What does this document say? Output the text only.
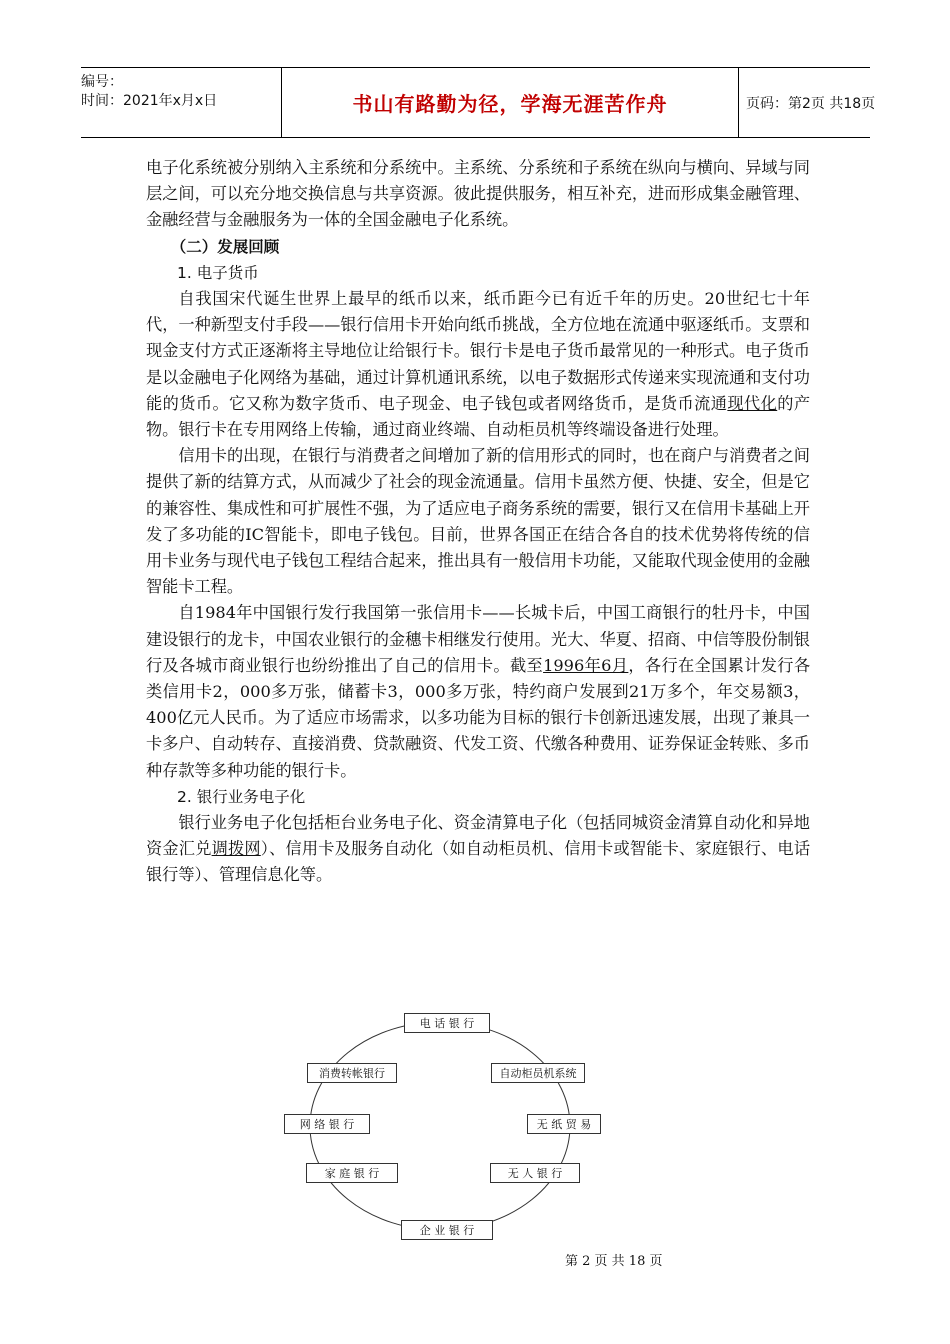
编号：
时间：2021年x月x日	书山有路勤为径，学海无涯苦作舟	页码：第2页 共18页

电子化系统被分别纳入主系统和分系统中。主系统、分系统和子系统在纵向与横向、异域与同层之间，可以充分地交换信息与共享资源。彼此提供服务，相互补充，进而形成集金融管理、金融经营与金融服务为一体的全国金融电子化系统。

（二）发展回顾

1. 电子货币

自我国宋代诞生世界上最早的纸币以来，纸币距今已有近千年的历史。20世纪七十年代，一种新型支付手段——银行信用卡开始向纸币挑战，全方位地在流通中驱逐纸币。支票和现金支付方式正逐渐将主导地位让给银行卡。银行卡是电子货币最常见的一种形式。电子货币是以金融电子化网络为基础，通过计算机通讯系统，以电子数据形式传递来实现流通和支付功能的货币。它又称为数字货币、电子现金、电子钱包或者网络货币，是货币流通现代化的产物。银行卡在专用网络上传输，通过商业终端、自动柜员机等终端设备进行处理。

信用卡的出现，在银行与消费者之间增加了新的信用形式的同时，也在商户与消费者之间提供了新的结算方式，从而减少了社会的现金流通量。信用卡虽然方便、快捷、安全，但是它的兼容性、集成性和可扩展性不强，为了适应电子商务系统的需要，银行又在信用卡基础上开发了多功能的IC智能卡，即电子钱包。目前，世界各国正在结合各自的技术优势将传统的信用卡业务与现代电子钱包工程结合起来，推出具有一般信用卡功能，又能取代现金使用的金融智能卡工程。

自1984年中国银行发行我国第一张信用卡——长城卡后，中国工商银行的牡丹卡，中国建设银行的龙卡，中国农业银行的金穗卡相继发行使用。光大、华夏、招商、中信等股份制银行及各城市商业银行也纷纷推出了自己的信用卡。截至1996年6月，各行在全国累计发行各类信用卡2，000多万张，储蓄卡3，000多万张，特约商户发展到21万多个，年交易额3，400亿元人民币。为了适应市场需求，以多功能为目标的银行卡创新迅速发展，出现了兼具一卡多户、自动转存、直接消费、贷款融资、代发工资、代缴各种费用、证券保证金转账、多币种存款等多种功能的银行卡。

2. 银行业务电子化

银行业务电子化包括柜台业务电子化、资金清算电子化（包括同城资金清算自动化和异地资金汇兑调拨网）、信用卡及服务自动化（如自动柜员机、信用卡或智能卡、家庭银行、电话银行等）、管理信息化等。

电 话 银 行
自动柜员机系统
无 纸 贸 易
无 人 银 行
企 业 银 行
家 庭 银 行
网 络 银 行
消费转帐银行
第 2 页 共 18 页
